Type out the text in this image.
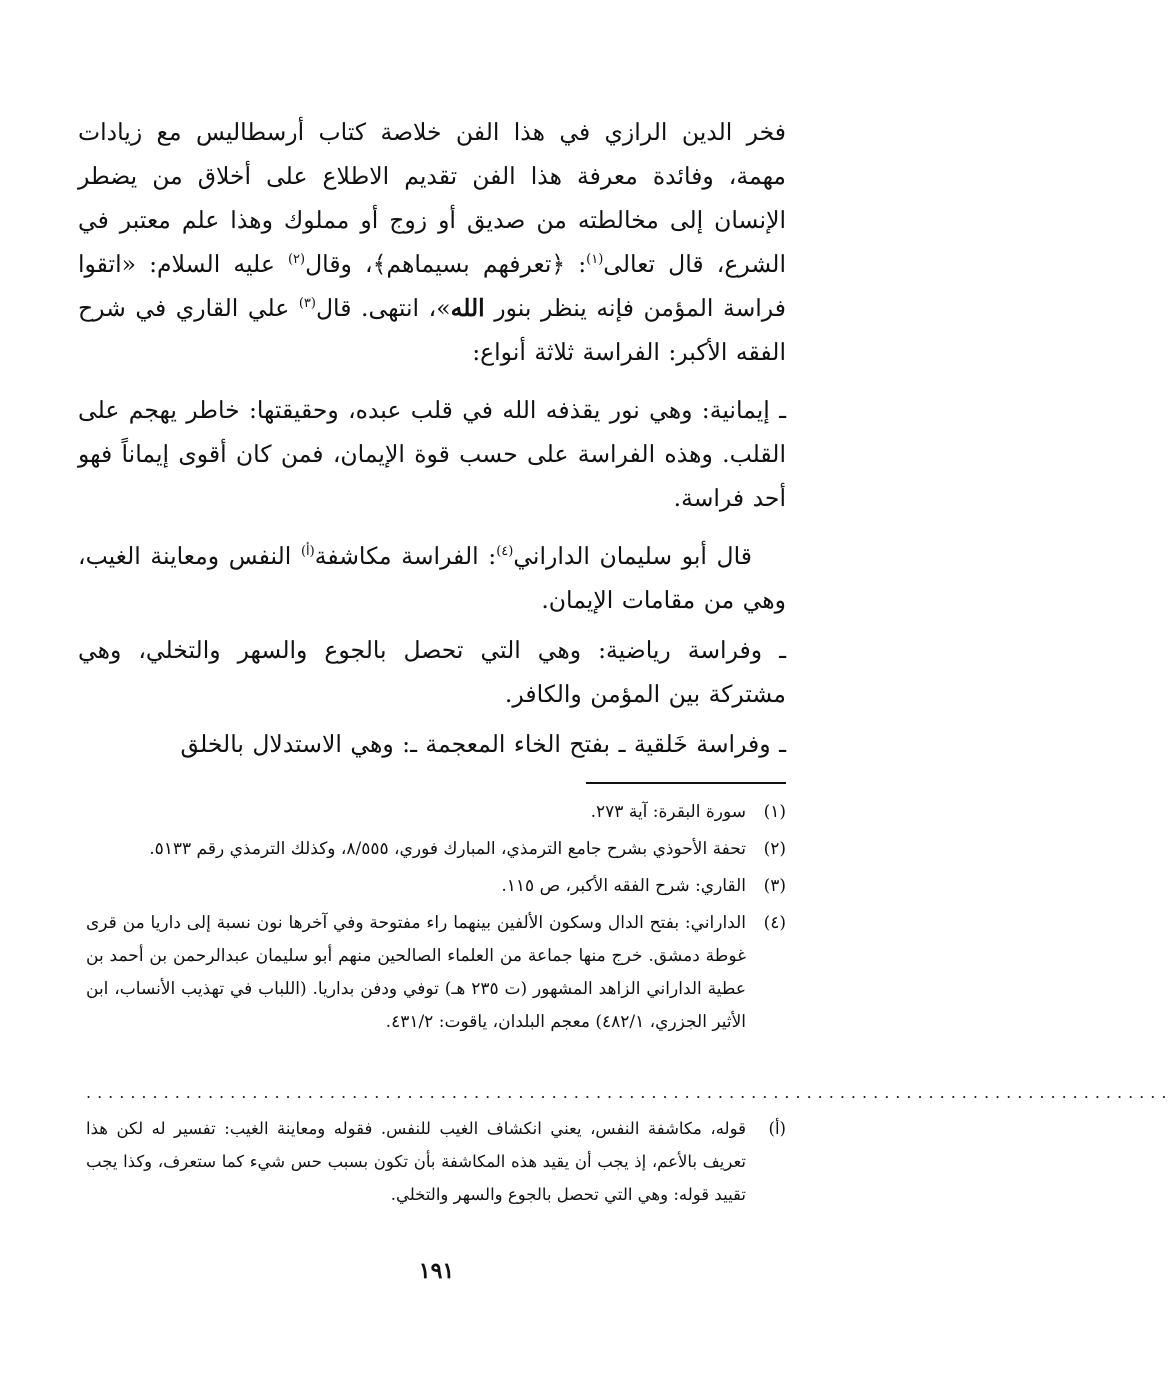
فخر الدين الرازي في هذا الفن خلاصة كتاب أرسطاليس مع زيادات مهمة، وفائدة معرفة هذا الفن تقديم الاطلاع على أخلاق من يضطر الإنسان إلى مخالطته من صديق أو زوج أو مملوك وهذا علم معتبر في الشرع، قال تعالى$^{(١)}$: ﴿تعرفهم بسيماهم﴾، وقال$^{(٢)}$ عليه السلام: «اتقوا فراسة المؤمن فإنه ينظر بنور الله»، انتهى. قال$^{(٣)}$ علي القاري في شرح الفقه الأكبر: الفراسة ثلاثة أنواع:

ـ إيمانية: وهي نور يقذفه الله في قلب عبده، وحقيقتها: خاطر يهجم على القلب. وهذه الفراسة على حسب قوة الإيمان، فمن كان أقوى إيماناً فهو أحد فراسة.

قال أبو سليمان الداراني$^{(٤)}$: الفراسة مكاشفة$^{(أ)}$ النفس ومعاينة الغيب، وهي من مقامات الإيمان.

ـ وفراسة رياضية: وهي التي تحصل بالجوع والسهر والتخلي، وهي مشتركة بين المؤمن والكافر.

ـ وفراسة خَلقية ـ بفتح الخاء المعجمة ـ: وهي الاستدلال بالخلق

(١)
سورة البقرة: آية ٢٧٣.
(٢)
تحفة الأحوذي بشرح جامع الترمذي، المبارك فوري، ٨/٥٥٥، وكذلك الترمذي رقم ٥١٣٣.
(٣)
القاري: شرح الفقه الأكبر، ص ١١٥.
(٤)
الداراني: بفتح الدال وسكون الألفين بينهما راء مفتوحة وفي آخرها نون نسبة إلى داريا من قرى غوطة دمشق. خرج منها جماعة من العلماء الصالحين منهم أبو سليمان عبدالرحمن بن أحمد بن عطية الداراني الزاهد المشهور (ت ٢٣٥ هـ) توفي ودفن بداريا. (اللباب في تهذيب الأنساب، ابن الأثير الجزري، ٤٨٢/١) معجم البلدان، ياقوت: ٤٣١/٢.
..................................................................................................
(أ)
قوله، مكاشفة النفس، يعني انكشاف الغيب للنفس. فقوله ومعاينة الغيب: تفسير له لكن هذا تعريف بالأعم، إذ يجب أن يقيد هذه المكاشفة بأن تكون بسبب حس شيء كما ستعرف، وكذا يجب تقييد قوله: وهي التي تحصل بالجوع والسهر والتخلي.
١٩١
